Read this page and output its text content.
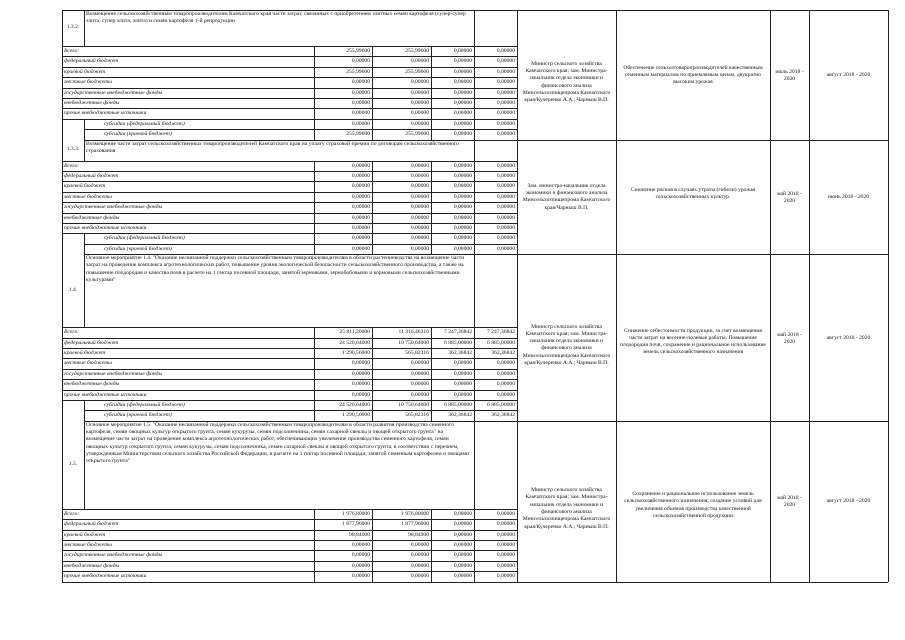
1.3.2.
Возмещение сельскохозяйственным товаропроизводителям Камчатского края части затрат, связанных с приобретением элитных семян картофеля (супер-супер элита, супер элита, элита) и семян картофеля 1-й репродукции
Всего:	255,99600	255,99600	0,00000	0,00000
федеральный бюджет	0,00000	0,00000	0,00000	0,00000
краевой бюджет	255,99600	255,99600	0,00000	0,00000
местные бюджеты	0,00000	0,00000	0,00000	0,00000
государственные внебюджетные фонды	0,00000	0,00000	0,00000	0,00000
внебюджетные фонды	0,00000	0,00000	0,00000	0,00000
прочие внебюджетные источники	0,00000	0,00000	0,00000	0,00000
субсидии (федеральный бюджет)	0,00000	0,00000	0,00000	0,00000
субсидии (краевой бюджет)	255,99600	255,99600	0,00000	0,00000
Министр сельского хозяйства Камчатского края; зам. Министра-начальник отдела экономики и финансового анализа Минсельхозпищепрома Камчатского края/Кучеренко А.А.; Чарныш В.П.
Обеспечение сельхозтоваропроизводителей качественным семенным материалом по приемлемым ценам, двукратно высоким урожая
июль 2018 - 2020
август 2018 - 2020
1.3.3.
Возмещение части затрат сельскохозяйственных товаропроизводителей Камчатского края на уплату страховой премии по договорам сельскохозяйственного страхования
Всего:	0,00000	0,00000	0,00000	0,00000
федеральный бюджет	0,00000	0,00000	0,00000	0,00000
краевой бюджет	0,00000	0,00000	0,00000	0,00000
местные бюджеты	0,00000	0,00000	0,00000	0,00000
государственные внебюджетные фонды	0,00000	0,00000	0,00000	0,00000
внебюджетные фонды	0,00000	0,00000	0,00000	0,00000
прочие внебюджетные источники	0,00000	0,00000	0,00000	0,00000
субсидии (федеральный бюджет)	0,00000	0,00000	0,00000	0,00000
субсидии (краевой бюджет)	0,00000	0,00000	0,00000	0,00000
Зам. министра-начальник отдела экономики и финансового анализа Минсельхозпищепрома Камчатского края/Чарныш В.П.
Снижение рисков в случаях утраты (гибели) урожая сельскохозяйственных культур.
май 2018 - 2020
июнь 2018 - 2020
1.4.
Основное мероприятие 1.4. "Оказание несвязанной поддержки сельскохозяйственным товаропроизводителям в области растениеводства на возмещение части затрат на проведение комплекса агротехнологических работ, повышение уровня экологической безопасности сельскохозяйственного производства, а также на повышение плодородия и качества почв в расчете на 1 гектар посевной площади, занятой зерновыми, зернобобовыми и кормовыми сельскохозяйственными культурами"
Всего:	25 811,20000	11 316,46316	7 247,36842	7 247,36842
федеральный бюджет	24 520,64000	10 750,64000	6 885,00000	6 885,00000
краевой бюджет	1 290,56000	565,82316	362,36842	362,36842
местные бюджеты	0,00000	0,00000	0,00000	0,00000
государственные внебюджетные фонды	0,00000	0,00000	0,00000	0,00000
внебюджетные фонды	0,00000	0,00000	0,00000	0,00000
прочие внебюджетные источники	0,00000	0,00000	0,00000	0,00000
субсидии (федеральный бюджет)	24 520,64000	10 750,64000	6 885,00000	6 885,00000
субсидии (краевой бюджет)	1 290,56000	565,82316	362,36842	362,36842
Министр сельского хозяйства Камчатского края; зам. Министра-начальник отдела экономики и финансового анализа Минсельхозпищепрома Камчатского края/Кучеренко А.А.; Чарныш В.П.
Снижение себестоимости продукции, за счет возмещения части затрат на весенне-полевые работы. Повышение плодородия почв, сохранение и рациональное использование земель сельскохозяйственного назначения
май 2018 - 2020
август 2018 - 2020
1.5.
Основное мероприятие 1.5. "Оказание несвязанной поддержки сельскохозяйственным товаропроизводителям в области развития производства семенного картофеля, семян овощных культур открытого грунта, семян кукурузы, семян подсолнечника, семян сахарной свеклы и овощей открытого грунта" на возмещение части затрат на проведение комплекса агротехнологических работ, обеспечивающих увеличение производства семенного картофеля, семян овощных культур открытого грунта, семян кукурузы, семян подсолнечника, семян сахарной свеклы и овощей открытого грунта, в соответствии с перечнем, утвержденным Министерством сельского хозяйства Российской Федерации, в расчете на 1 гектар посевной площади, занятой семенным картофелем и овощами открытого грунта"
Всего:	1 976,80000	1 976,80000	0,00000	0,00000
федеральный бюджет	1 877,96000	1 877,96000	0,00000	0,00000
краевой бюджет	98,84000	98,84000	0,00000	0,00000
местные бюджеты	0,00000	0,00000	0,00000	0,00000
государственные внебюджетные фонды	0,00000	0,00000	0,00000	0,00000
внебюджетные фонды	0,00000	0,00000	0,00000	0,00000
прочие внебюджетные источники	0,00000	0,00000	0,00000	0,00000
Министр сельского хозяйства Камчатского края; зам. Министра-начальник отдела экономики и финансового анализа Минсельхозпищепрома Камчатского края/Кучеренко А.А.; Чарныш В.П.
Сохранение и рациональное использование земель сельскохозяйственного назначения, создание условий для увеличения объемов производства качественной сельскохозяйственной продукции
май 2018 - 2020
август 2018 - 2020
